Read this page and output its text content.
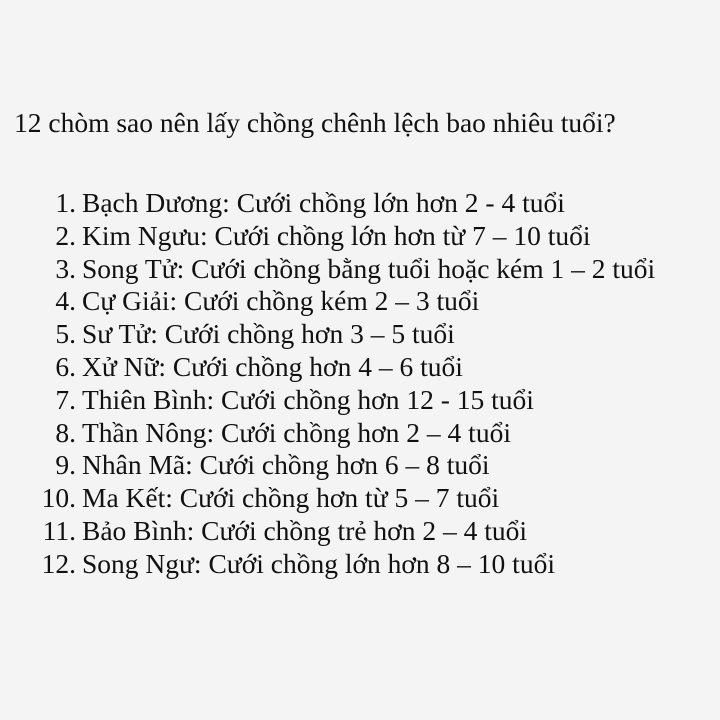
12 chòm sao nên lấy chồng chênh lệch bao nhiêu tuổi?
1. Bạch Dương: Cưới chồng lớn hơn 2 - 4 tuổi
2. Kim Ngưu: Cưới chồng lớn hơn từ 7 – 10 tuổi
3. Song Tử: Cưới chồng bằng tuổi hoặc kém 1 – 2 tuổi
4. Cự Giải: Cưới chồng kém 2 – 3 tuổi
5. Sư Tử: Cưới chồng hơn 3 – 5 tuổi
6. Xử Nữ: Cưới chồng hơn 4 – 6 tuổi
7. Thiên Bình: Cưới chồng hơn 12 - 15 tuổi
8. Thần Nông: Cưới chồng hơn 2 – 4 tuổi
9. Nhân Mã: Cưới chồng hơn 6 – 8 tuổi
10. Ma Kết: Cưới chồng hơn từ 5 – 7 tuổi
11. Bảo Bình: Cưới chồng trẻ hơn 2 – 4 tuổi
12. Song Ngư: Cưới chồng lớn hơn 8 – 10 tuổi
